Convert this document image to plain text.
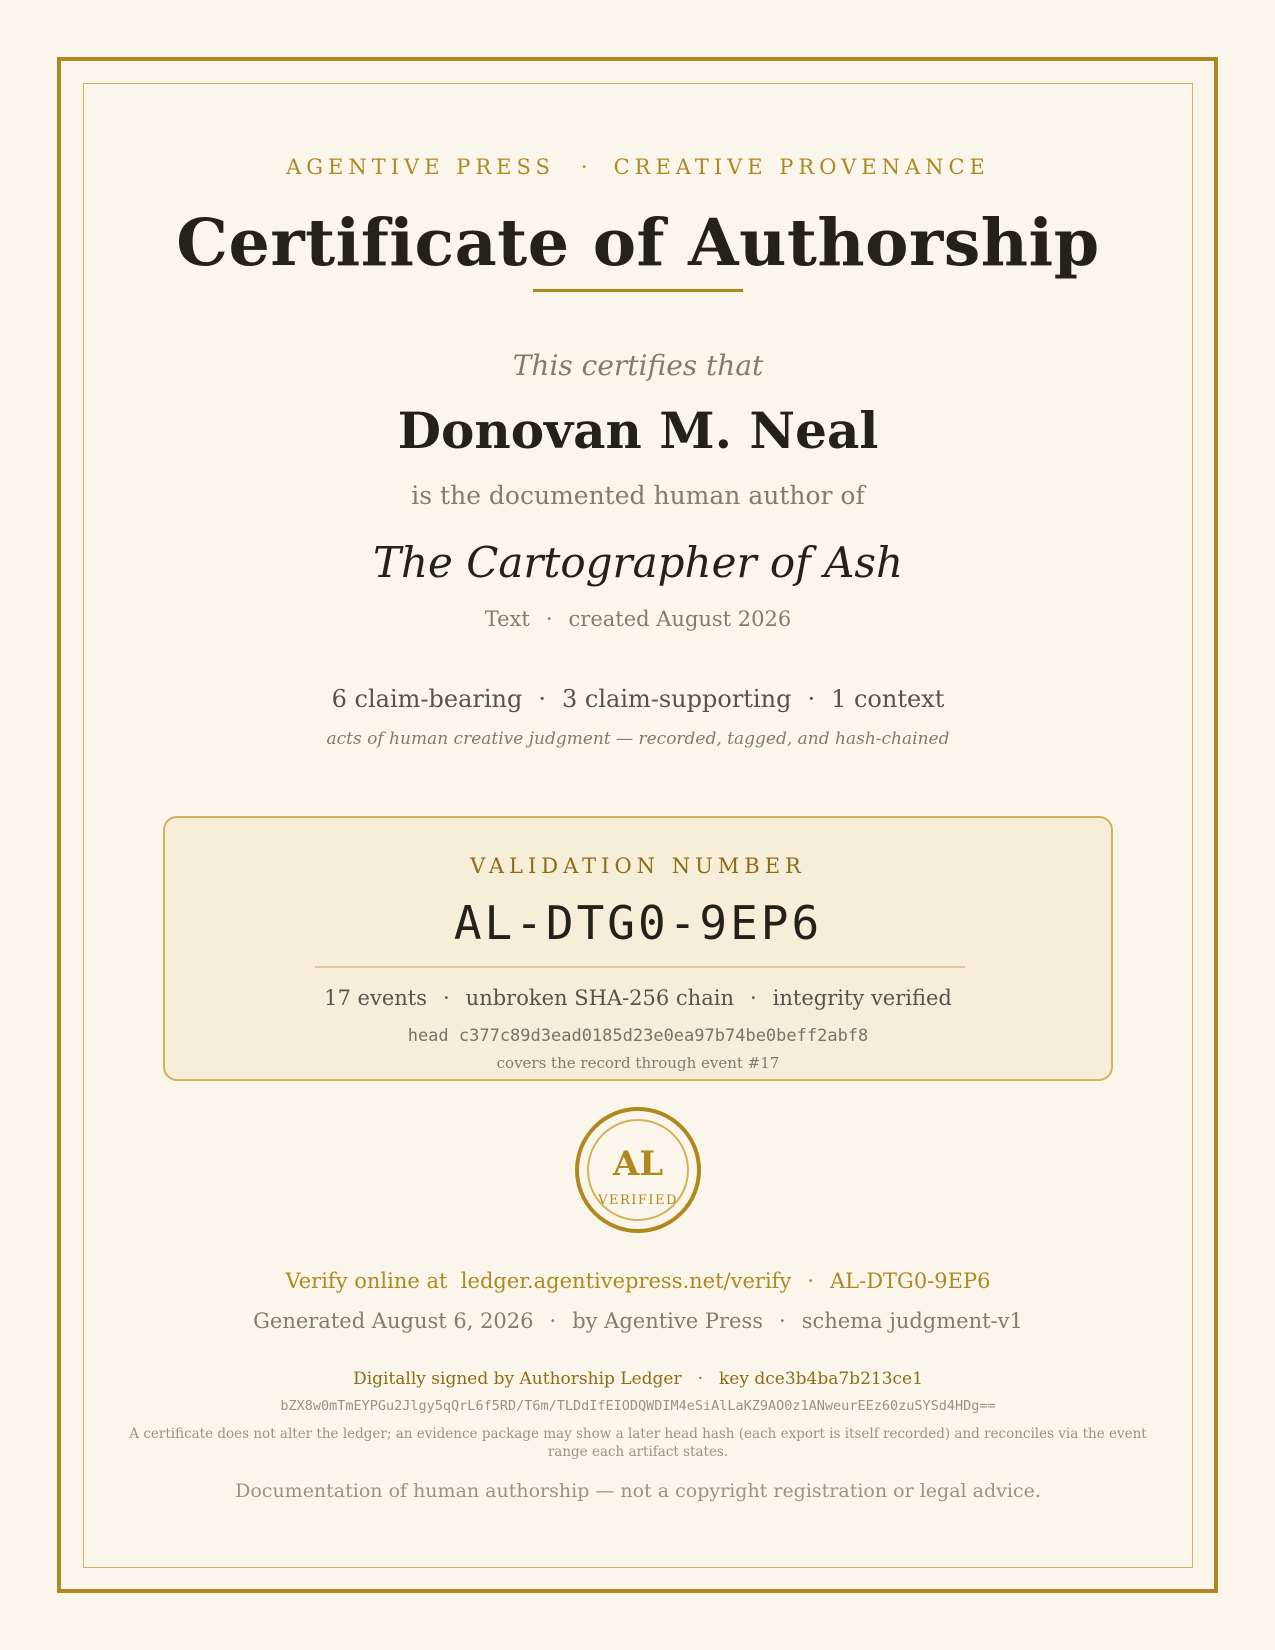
AGENTIVE PRESS · CREATIVE PROVENANCE
Certificate of Authorship
This certifies that
Donovan M. Neal
is the documented human author of
The Cartographer of Ash
Text · created August 2026
6 claim-bearing · 3 claim-supporting · 1 context
acts of human creative judgment — recorded, tagged, and hash-chained
VALIDATION NUMBER
AL-DTG0-9EP6
17 events · unbroken SHA-256 chain · integrity verified
head c377c89d3ead0185d23e0ea97b74be0beff2abf8
covers the record through event #17
AL
VERIFIED
Verify online at ledger.agentivepress.net/verify · AL-DTG0-9EP6
Generated August 6, 2026 · by Agentive Press · schema judgment-v1
Digitally signed by Authorship Ledger · key dce3b4ba7b213ce1
bZX8w0mTmEYPGu2Jlgy5qQrL6f5RD/T6m/TLDdIfEIODQWDIM4eSiAlLaKZ9AO0z1ANweurEEz60zuSYSd4HDg==
A certificate does not alter the ledger; an evidence package may show a later head hash (each export is itself recorded) and reconciles via the event range each artifact states.
Documentation of human authorship — not a copyright registration or legal advice.
